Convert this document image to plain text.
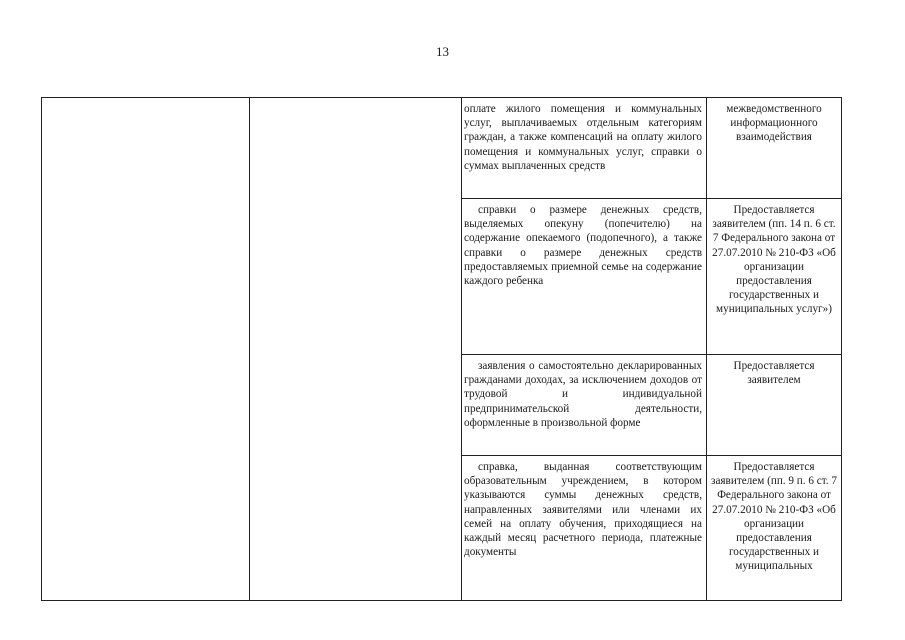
13

		оплате жилого помещения и коммунальных услуг, выплачиваемых отдельным категориям граждан, а также компенсаций на оплату жилого помещения и коммунальных услуг, справки о суммах выплаченных средств	межведомственного информационного взаимодействия

		справки о размере денежных средств, выделяемых опекуну (попечителю) на содержание опекаемого (подопечного), а также справки о размере денежных средств предоставляемых приемной семье на содержание каждого ребенка	Предоставляется заявителем (пп. 14 п. 6 ст. 7 Федерального закона от 27.07.2010 № 210-ФЗ «Об организации предоставления государственных и муниципальных услуг»)

		заявления о самостоятельно декларированных гражданами доходах, за исключением доходов от трудовой и индивидуальной предпринимательской деятельности, оформленные в произвольной форме	Предоставляется заявителем

		справка, выданная соответствующим образовательным учреждением, в котором указываются суммы денежных средств, направленных заявителями или членами их семей на оплату обучения, приходящиеся на каждый месяц расчетного периода, платежные документы	Предоставляется заявителем (пп. 9 п. 6 ст. 7 Федерального закона от 27.07.2010 № 210-ФЗ «Об организации предоставления государственных и муниципальных
